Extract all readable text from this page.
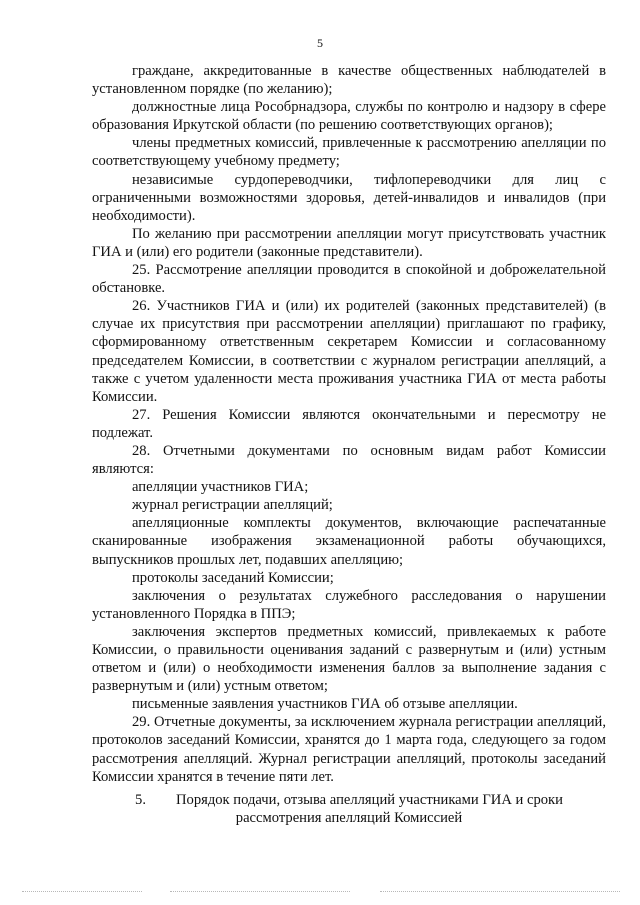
5

граждане, аккредитованные в качестве общественных наблюдателей в установленном порядке (по желанию);

должностные лица Рособрнадзора, службы по контролю и надзору в сфере образования Иркутской области (по решению соответствующих органов);

члены предметных комиссий, привлеченные к рассмотрению апелляции по соответствующему учебному предмету;

независимые сурдопереводчики, тифлопереводчики для лиц с ограниченными возможностями здоровья, детей-инвалидов и инвалидов (при необходимости).

По желанию при рассмотрении апелляции могут присутствовать участник ГИА и (или) его родители (законные представители).

25. Рассмотрение апелляции проводится в спокойной и доброжелательной обстановке.

26. Участников ГИА и (или) их родителей (законных представителей) (в случае их присутствия при рассмотрении апелляции) приглашают по графику, сформированному ответственным секретарем Комиссии и согласованному председателем Комиссии, в соответствии с журналом регистрации апелляций, а также с учетом удаленности места проживания участника ГИА от места работы Комиссии.

27. Решения Комиссии являются окончательными и пересмотру не подлежат.

28. Отчетными документами по основным видам работ Комиссии являются:

апелляции участников ГИА;

журнал регистрации апелляций;

апелляционные комплекты документов, включающие распечатанные сканированные изображения экзаменационной работы обучающихся, выпускников прошлых лет, подавших апелляцию;

протоколы заседаний Комиссии;

заключения о результатах служебного расследования о нарушении установленного Порядка в ППЭ;

заключения экспертов предметных комиссий, привлекаемых к работе Комиссии, о правильности оценивания заданий с развернутым и (или) устным ответом и (или) о необходимости изменения баллов за выполнение задания с развернутым и (или) устным ответом;

письменные заявления участников ГИА об отзыве апелляции.

29. Отчетные документы, за исключением журнала регистрации апелляций, протоколов заседаний Комиссии, хранятся до 1 марта года, следующего за годом рассмотрения апелляций. Журнал регистрации апелляций, протоколы заседаний Комиссии хранятся в течение пяти лет.

5. Порядок подачи, отзыва апелляций участниками ГИА и сроки рассмотрения апелляций Комиссией
